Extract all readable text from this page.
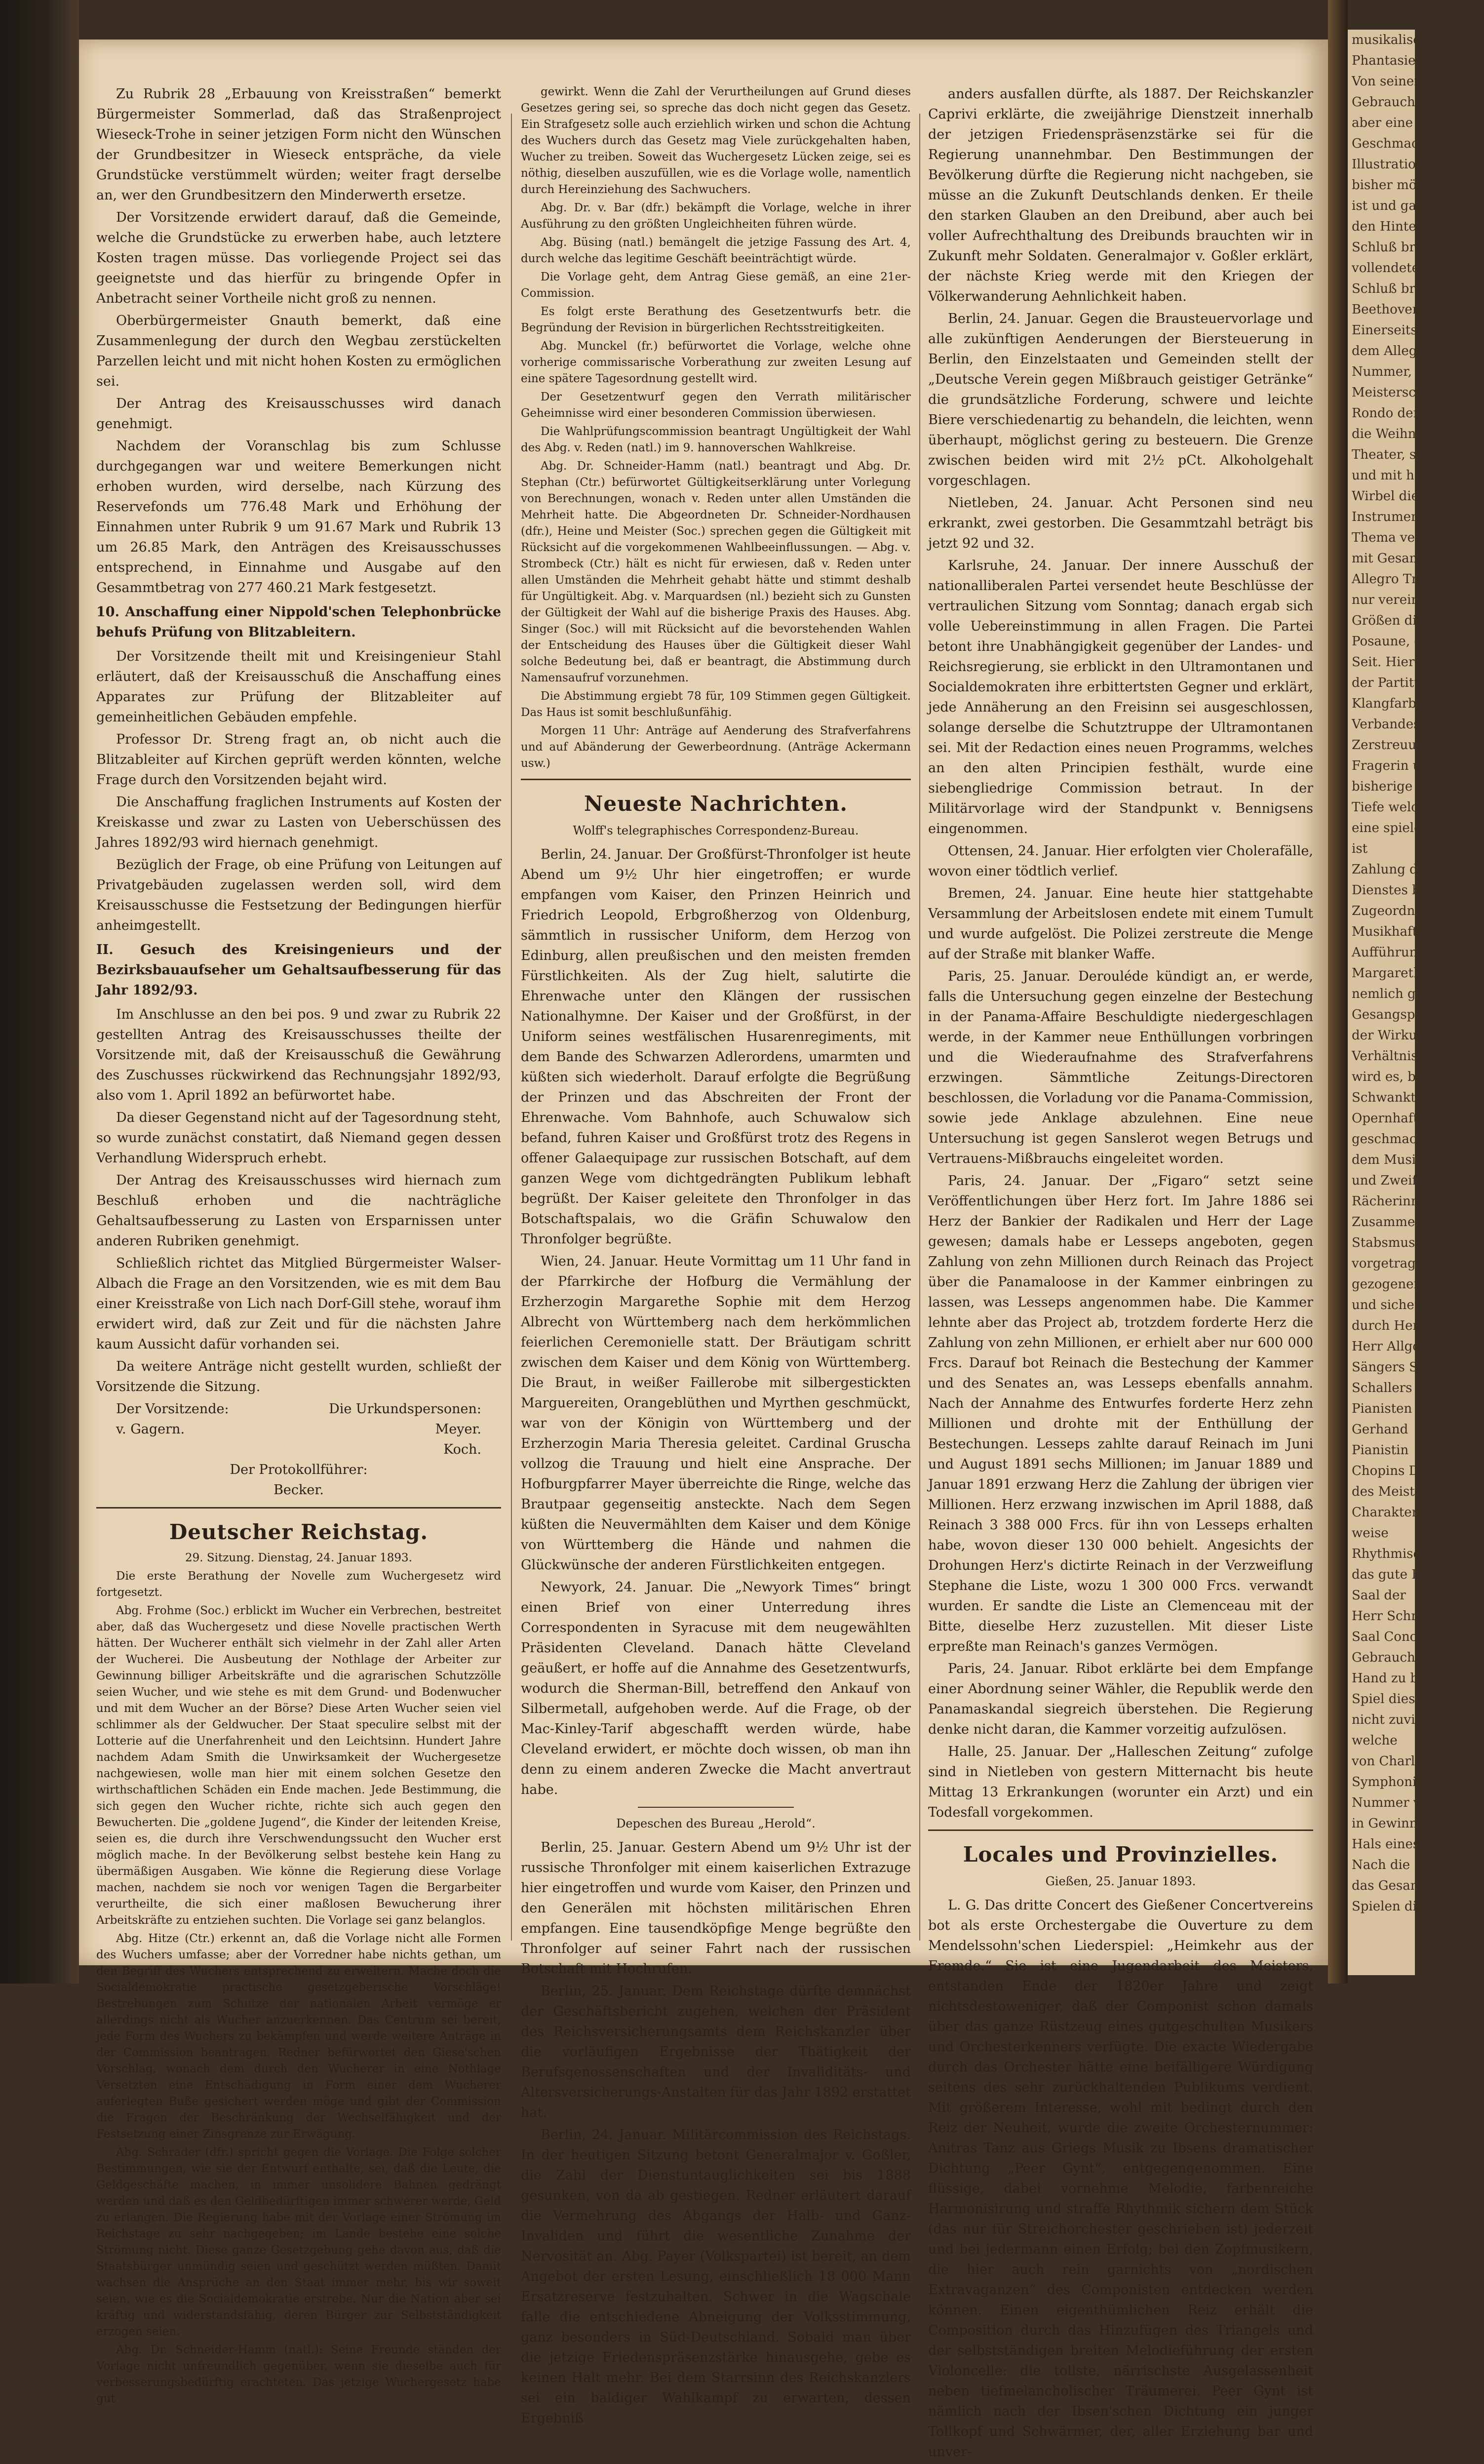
Zu Rubrik 28 „Erbauung von Kreisstraßen“ bemerkt Bürgermeister Sommerlad, daß das Straßenproject Wieseck-Trohe in seiner jetzigen Form nicht den Wünschen der Grundbesitzer in Wieseck entspräche, da viele Grundstücke verstümmelt würden; weiter fragt derselbe an, wer den Grundbesitzern den Minderwerth ersetze.

Der Vorsitzende erwidert darauf, daß die Gemeinde, welche die Grundstücke zu erwerben habe, auch letztere Kosten tragen müsse. Das vorliegende Project sei das geeignetste und das hierfür zu bringende Opfer in Anbetracht seiner Vortheile nicht groß zu nennen.

Oberbürgermeister Gnauth bemerkt, daß eine Zusammenlegung der durch den Wegbau zerstückelten Parzellen leicht und mit nicht hohen Kosten zu ermöglichen sei.

Der Antrag des Kreisausschusses wird danach genehmigt.

Nachdem der Voranschlag bis zum Schlusse durchgegangen war und weitere Bemerkungen nicht erhoben wurden, wird derselbe, nach Kürzung des Reservefonds um 776.48 Mark und Erhöhung der Einnahmen unter Rubrik 9 um 91.67 Mark und Rubrik 13 um 26.85 Mark, den Anträgen des Kreisausschusses entsprechend, in Einnahme und Ausgabe auf den Gesammtbetrag von 277 460.21 Mark festgesetzt.

10. Anschaffung einer Nippold'schen Telephonbrücke behufs Prüfung von Blitzableitern.

Der Vorsitzende theilt mit und Kreisingenieur Stahl erläutert, daß der Kreisausschuß die Anschaffung eines Apparates zur Prüfung der Blitzableiter auf gemeinheitlichen Gebäuden empfehle.

Professor Dr. Streng fragt an, ob nicht auch die Blitzableiter auf Kirchen geprüft werden könnten, welche Frage durch den Vorsitzenden bejaht wird.

Die Anschaffung fraglichen Instruments auf Kosten der Kreiskasse und zwar zu Lasten von Ueberschüssen des Jahres 1892/93 wird hiernach genehmigt.

Bezüglich der Frage, ob eine Prüfung von Leitungen auf Privatgebäuden zugelassen werden soll, wird dem Kreisausschusse die Festsetzung der Bedingungen hierfür anheimgestellt.

II. Gesuch des Kreisingenieurs und der Bezirksbauaufseher um Gehaltsaufbesserung für das Jahr 1892/93.

Im Anschlusse an den bei pos. 9 und zwar zu Rubrik 22 gestellten Antrag des Kreisausschusses theilte der Vorsitzende mit, daß der Kreisausschuß die Gewährung des Zuschusses rückwirkend das Rechnungsjahr 1892/93, also vom 1. April 1892 an befürwortet habe.

Da dieser Gegenstand nicht auf der Tagesordnung steht, so wurde zunächst constatirt, daß Niemand gegen dessen Verhandlung Widerspruch erhebt.

Der Antrag des Kreisausschusses wird hiernach zum Beschluß erhoben und die nachträgliche Gehaltsaufbesserung zu Lasten von Ersparnissen unter anderen Rubriken genehmigt.

Schließlich richtet das Mitglied Bürgermeister Walser-Albach die Frage an den Vorsitzenden, wie es mit dem Bau einer Kreisstraße von Lich nach Dorf-Gill stehe, worauf ihm erwidert wird, daß zur Zeit und für die nächsten Jahre kaum Aussicht dafür vorhanden sei.

Da weitere Anträge nicht gestellt wurden, schließt der Vorsitzende die Sitzung.

Der Vorsitzende:	Die Urkundspersonen:
v. Gagern.	Meyer.
Koch.
Der Protokollführer:
Becker.
Deutscher Reichstag.

29. Sitzung. Dienstag, 24. Januar 1893.

Die erste Berathung der Novelle zum Wuchergesetz wird fortgesetzt.

Abg. Frohme (Soc.) erblickt im Wucher ein Verbrechen, bestreitet aber, daß das Wuchergesetz und diese Novelle practischen Werth hätten. Der Wucherer enthält sich vielmehr in der Zahl aller Arten der Wucherei. Die Ausbeutung der Nothlage der Arbeiter zur Gewinnung billiger Arbeitskräfte und die agrarischen Schutzzölle seien Wucher, und wie stehe es mit dem Grund- und Bodenwucher und mit dem Wucher an der Börse? Diese Arten Wucher seien viel schlimmer als der Geldwucher. Der Staat speculire selbst mit der Lotterie auf die Unerfahrenheit und den Leichtsinn. Hundert Jahre nachdem Adam Smith die Unwirksamkeit der Wuchergesetze nachgewiesen, wolle man hier mit einem solchen Gesetze den wirthschaftlichen Schäden ein Ende machen. Jede Bestimmung, die sich gegen den Wucher richte, richte sich auch gegen den Bewucherten. Die „goldene Jugend“, die Kinder der leitenden Kreise, seien es, die durch ihre Verschwendungssucht den Wucher erst möglich mache. In der Bevölkerung selbst bestehe kein Hang zu übermäßigen Ausgaben. Wie könne die Regierung diese Vorlage machen, nachdem sie noch vor wenigen Tagen die Bergarbeiter verurtheilte, die sich einer maßlosen Bewucherung ihrer Arbeitskräfte zu entziehen suchten. Die Vorlage sei ganz belanglos.

Abg. Hitze (Ctr.) erkennt an, daß die Vorlage nicht alle Formen des Wuchers umfasse; aber der Vorredner habe nichts gethan, um den Begriff des Wuchers entsprechend zu erweitern. Mache doch die Socialdemokratie practische gesetzgeberische Vorschläge! Bestrebungen zum Schutze der nationalen Arbeit vermöge er allerdings nicht als Wucher anzuerkennen. Das Centrum sei bereit, jede Form des Wuchers zu bekämpfen und werde weitere Anträge in der Commission beantragen. Redner befürwortet den Giese'schen Vorschlag, wonach dem durch den Wucherer in eine Nothlage Versetzten eine Entschädigung in Form einer dem Wucherer auferlegten Buße gesichert werden möge und gibt der Commission die Fragen der Beschränkung der Wechselfähigkeit und der Festsetzung einer Zinsgrenze zur Erwägung.

Abg. Schrader (dfr.) spricht gegen die Vorlage. Die Folge solcher Bestimmungen, wie sie der Entwurf enthalte, sei, daß die Leute, die Geldgeschäfte machen, in immer unsolidere Bahnen gedrängt werden und daß es den Geldbedürftigen immer schwerer werde, Geld zu erlangen. Die Regierung habe mit der Vorlage einer Strömung im Reichstage zu sehr nachgegeben; im Lande bestehe eine solche Strömung nicht. Diese ganze Gesetzgebung gehe davon aus, daß die Staatsbürger unmündig seien und geschützt werden müßten. Damit wachsen die Ansprüche an den Staat immer mehr, bis wir soweit seien, wie es die Socialdemokratie erstrebe. Nur die Nation aber sei kräftig und widerstandsfähig, deren Bürger zur Selbstständigkeit erzogen seien.

Abg. Dr. Schneider-Hamm (natl.): Seine Freunde ständen der Vorlage nicht unfreundlich gegenüber, wenn sie dieselbe auch für verbesserungsbedürftig erachteten. Das jetzige Wuchergesetz habe gut

gewirkt. Wenn die Zahl der Verurtheilungen auf Grund dieses Gesetzes gering sei, so spreche das doch nicht gegen das Gesetz. Ein Strafgesetz solle auch erziehlich wirken und schon die Achtung des Wuchers durch das Gesetz mag Viele zurückgehalten haben, Wucher zu treiben. Soweit das Wuchergesetz Lücken zeige, sei es nöthig, dieselben auszufüllen, wie es die Vorlage wolle, namentlich durch Hereinziehung des Sachwuchers.

Abg. Dr. v. Bar (dfr.) bekämpft die Vorlage, welche in ihrer Ausführung zu den größten Ungleichheiten führen würde.

Abg. Büsing (natl.) bemängelt die jetzige Fassung des Art. 4, durch welche das legitime Geschäft beeinträchtigt würde.

Die Vorlage geht, dem Antrag Giese gemäß, an eine 21er-Commission.

Es folgt erste Berathung des Gesetzentwurfs betr. die Begründung der Revision in bürgerlichen Rechtsstreitigkeiten.

Abg. Munckel (fr.) befürwortet die Vorlage, welche ohne vorherige commissarische Vorberathung zur zweiten Lesung auf eine spätere Tagesordnung gestellt wird.

Der Gesetzentwurf gegen den Verrath militärischer Geheimnisse wird einer besonderen Commission überwiesen.

Die Wahlprüfungscommission beantragt Ungültigkeit der Wahl des Abg. v. Reden (natl.) im 9. hannoverschen Wahlkreise.

Abg. Dr. Schneider-Hamm (natl.) beantragt und Abg. Dr. Stephan (Ctr.) befürwortet Gültigkeitserklärung unter Vorlegung von Berechnungen, wonach v. Reden unter allen Umständen die Mehrheit hatte. Die Abgeordneten Dr. Schneider-Nordhausen (dfr.), Heine und Meister (Soc.) sprechen gegen die Gültigkeit mit Rücksicht auf die vorgekommenen Wahlbeeinflussungen. — Abg. v. Strombeck (Ctr.) hält es nicht für erwiesen, daß v. Reden unter allen Umständen die Mehrheit gehabt hätte und stimmt deshalb für Ungültigkeit. Abg. v. Marquardsen (nl.) bezieht sich zu Gunsten der Gültigkeit der Wahl auf die bisherige Praxis des Hauses. Abg. Singer (Soc.) will mit Rücksicht auf die bevorstehenden Wahlen der Entscheidung des Hauses über die Gültigkeit dieser Wahl solche Bedeutung bei, daß er beantragt, die Abstimmung durch Namensaufruf vorzunehmen.

Die Abstimmung ergiebt 78 für, 109 Stimmen gegen Gültigkeit. Das Haus ist somit beschlußunfähig.

Morgen 11 Uhr: Anträge auf Aenderung des Strafverfahrens und auf Abänderung der Gewerbeordnung. (Anträge Ackermann usw.)

Neueste Nachrichten.
Wolff's telegraphisches Correspondenz-Bureau.

Berlin, 24. Januar. Der Großfürst-Thronfolger ist heute Abend um 9½ Uhr hier eingetroffen; er wurde empfangen vom Kaiser, den Prinzen Heinrich und Friedrich Leopold, Erbgroßherzog von Oldenburg, sämmtlich in russischer Uniform, dem Herzog von Edinburg, allen preußischen und den meisten fremden Fürstlichkeiten. Als der Zug hielt, salutirte die Ehrenwache unter den Klängen der russischen Nationalhymne. Der Kaiser und der Großfürst, in der Uniform seines westfälischen Husarenregiments, mit dem Bande des Schwarzen Adlerordens, umarmten und küßten sich wiederholt. Darauf erfolgte die Begrüßung der Prinzen und das Abschreiten der Front der Ehrenwache. Vom Bahnhofe, auch Schuwalow sich befand, fuhren Kaiser und Großfürst trotz des Regens in offener Galaequipage zur russischen Botschaft, auf dem ganzen Wege vom dichtgedrängten Publikum lebhaft begrüßt. Der Kaiser geleitete den Thronfolger in das Botschaftspalais, wo die Gräfin Schuwalow den Thronfolger begrüßte.

Wien, 24. Januar. Heute Vormittag um 11 Uhr fand in der Pfarrkirche der Hofburg die Vermählung der Erzherzogin Margarethe Sophie mit dem Herzog Albrecht von Württemberg nach dem herkömmlichen feierlichen Ceremonielle statt. Der Bräutigam schritt zwischen dem Kaiser und dem König von Württemberg. Die Braut, in weißer Faillerobe mit silbergestickten Marguereiten, Orangeblüthen und Myrthen geschmückt, war von der Königin von Württemberg und der Erzherzogin Maria Theresia geleitet. Cardinal Gruscha vollzog die Trauung und hielt eine Ansprache. Der Hofburgpfarrer Mayer überreichte die Ringe, welche das Brautpaar gegenseitig ansteckte. Nach dem Segen küßten die Neuvermählten dem Kaiser und dem Könige von Württemberg die Hände und nahmen die Glückwünsche der anderen Fürstlichkeiten entgegen.

Newyork, 24. Januar. Die „Newyork Times“ bringt einen Brief von einer Unterredung ihres Correspondenten in Syracuse mit dem neugewählten Präsidenten Cleveland. Danach hätte Cleveland geäußert, er hoffe auf die Annahme des Gesetzentwurfs, wodurch die Sherman-Bill, betreffend den Ankauf von Silbermetall, aufgehoben werde. Auf die Frage, ob der Mac-Kinley-Tarif abgeschafft werden würde, habe Cleveland erwidert, er möchte doch wissen, ob man ihn denn zu einem anderen Zwecke die Macht anvertraut habe.

Depeschen des Bureau „Herold“.

Berlin, 25. Januar. Gestern Abend um 9½ Uhr ist der russische Thronfolger mit einem kaiserlichen Extrazuge hier eingetroffen und wurde vom Kaiser, den Prinzen und den Generälen mit höchsten militärischen Ehren empfangen. Eine tausendköpfige Menge begrüßte den Thronfolger auf seiner Fahrt nach der russischen Botschaft mit Hochrufen.

Berlin, 25. Januar. Dem Reichstage dürfte demnächst der Geschäftsbericht zugehen, welchen der Präsident des Reichsversicherungsamts dem Reichskanzler über die vorläufigen Ergebnisse der Thätigkeit der Berufsgenossenschaften und der Invaliditäts- und Altersversicherungs-Anstalten für das Jahr 1892 erstattet hat.

Berlin, 24. Januar. Militärcommission des Reichstags. In der heutigen Sitzung betont Generalmajor v. Goßler, die Zahl der Dienstuntauglichkeiten sei bis 1888 gesunken, von da ab gestiegen. Redner erläutert darauf die Vermehrung des Abgangs der Halb- und Ganz-Invaliden und führt die wesentliche Zunahme der Nervosität an. Abg. Payer (Volkspartei) ist bereit, an dem Angebot der ersten Lesung, einschließlich 18 000 Mann Ersatzreserve festzuhalten. Schwer in die Wagschale falle die entschiedene Abneigung der Volksstimmung, ganz besonders in Süd-Deutschland. Sobald man über die jetzige Friedenspräsenzstärke hinausgehe, gebe es keinen Halt mehr. Bei dem Starrsinn des Reichskanzlers sei ein baldiger Wahlkampf zu erwarten, dessen Ergebniß

anders ausfallen dürfte, als 1887. Der Reichskanzler Caprivi erklärte, die zweijährige Dienstzeit innerhalb der jetzigen Friedenspräsenzstärke sei für die Regierung unannehmbar. Den Bestimmungen der Bevölkerung dürfte die Regierung nicht nachgeben, sie müsse an die Zukunft Deutschlands denken. Er theile den starken Glauben an den Dreibund, aber auch bei voller Aufrechthaltung des Dreibunds brauchten wir in Zukunft mehr Soldaten. Generalmajor v. Goßler erklärt, der nächste Krieg werde mit den Kriegen der Völkerwanderung Aehnlichkeit haben.

Berlin, 24. Januar. Gegen die Brausteuervorlage und alle zukünftigen Aenderungen der Biersteuerung in Berlin, den Einzelstaaten und Gemeinden stellt der „Deutsche Verein gegen Mißbrauch geistiger Getränke“ die grundsätzliche Forderung, schwere und leichte Biere verschiedenartig zu behandeln, die leichten, wenn überhaupt, möglichst gering zu besteuern. Die Grenze zwischen beiden wird mit 2½ pCt. Alkoholgehalt vorgeschlagen.

Nietleben, 24. Januar. Acht Personen sind neu erkrankt, zwei gestorben. Die Gesammtzahl beträgt bis jetzt 92 und 32.

Karlsruhe, 24. Januar. Der innere Ausschuß der nationalliberalen Partei versendet heute Beschlüsse der vertraulichen Sitzung vom Sonntag; danach ergab sich volle Uebereinstimmung in allen Fragen. Die Partei betont ihre Unabhängigkeit gegenüber der Landes- und Reichsregierung, sie erblickt in den Ultramontanen und Socialdemokraten ihre erbittertsten Gegner und erklärt, jede Annäherung an den Freisinn sei ausgeschlossen, solange derselbe die Schutztruppe der Ultramontanen sei. Mit der Redaction eines neuen Programms, welches an den alten Principien festhält, wurde eine siebengliedrige Commission betraut. In der Militärvorlage wird der Standpunkt v. Bennigsens eingenommen.

Ottensen, 24. Januar. Hier erfolgten vier Cholerafälle, wovon einer tödtlich verlief.

Bremen, 24. Januar. Eine heute hier stattgehabte Versammlung der Arbeitslosen endete mit einem Tumult und wurde aufgelöst. Die Polizei zerstreute die Menge auf der Straße mit blanker Waffe.

Paris, 25. Januar. Derouléde kündigt an, er werde, falls die Untersuchung gegen einzelne der Bestechung in der Panama-Affaire Beschuldigte niedergeschlagen werde, in der Kammer neue Enthüllungen vorbringen und die Wiederaufnahme des Strafverfahrens erzwingen. Sämmtliche Zeitungs-Directoren beschlossen, die Vorladung vor die Panama-Commission, sowie jede Anklage abzulehnen. Eine neue Untersuchung ist gegen Sanslerot wegen Betrugs und Vertrauens-Mißbrauchs eingeleitet worden.

Paris, 24. Januar. Der „Figaro“ setzt seine Veröffentlichungen über Herz fort. Im Jahre 1886 sei Herz der Bankier der Radikalen und Herr der Lage gewesen; damals habe er Lesseps angeboten, gegen Zahlung von zehn Millionen durch Reinach das Project über die Panamaloose in der Kammer einbringen zu lassen, was Lesseps angenommen habe. Die Kammer lehnte aber das Project ab, trotzdem forderte Herz die Zahlung von zehn Millionen, er erhielt aber nur 600 000 Frcs. Darauf bot Reinach die Bestechung der Kammer und des Senates an, was Lesseps ebenfalls annahm. Nach der Annahme des Entwurfes forderte Herz zehn Millionen und drohte mit der Enthüllung der Bestechungen. Lesseps zahlte darauf Reinach im Juni und August 1891 sechs Millionen; im Januar 1889 und Januar 1891 erzwang Herz die Zahlung der übrigen vier Millionen. Herz erzwang inzwischen im April 1888, daß Reinach 3 388 000 Frcs. für ihn von Lesseps erhalten habe, wovon dieser 130 000 behielt. Angesichts der Drohungen Herz's dictirte Reinach in der Verzweiflung Stephane die Liste, wozu 1 300 000 Frcs. verwandt wurden. Er sandte die Liste an Clemenceau mit der Bitte, dieselbe Herz zuzustellen. Mit dieser Liste erpreßte man Reinach's ganzes Vermögen.

Paris, 24. Januar. Ribot erklärte bei dem Empfange einer Abordnung seiner Wähler, die Republik werde den Panamaskandal siegreich überstehen. Die Regierung denke nicht daran, die Kammer vorzeitig aufzulösen.

Halle, 25. Januar. Der „Halleschen Zeitung“ zufolge sind in Nietleben von gestern Mitternacht bis heute Mittag 13 Erkrankungen (worunter ein Arzt) und ein Todesfall vorgekommen.

Locales und Provinzielles.
Gießen, 25. Januar 1893.

L. G. Das dritte Concert des Gießener Concertvereins bot als erste Orchestergabe die Ouverture zu dem Mendelssohn'schen Liederspiel: „Heimkehr aus der Fremde.“ Sie ist eine Jugendarbeit des Meisters, entstanden Ende der 1820er Jahre und zeigt nichtsdestoweniger, daß der Componist schon damals über das ganze Rüstzeug eines gutgeschulten Musikers und Orchesterkenners verfügte. Die exacte Wiedergabe durch das Orchester hätte eine beifälligere Würdigung seitens des sehr zurückhaltenden Publikums verdient. Mit größerem Interesse, wohl mit bedingt durch den Reiz der Neuheit, wurde die zweite Orchesternummer: Anitras Tanz aus Griegs Musik zu Ibsens dramatischer Dichtung „Peer Gynt“, entgegengenommen. Eine flüssige, dabei vornehme Melodie, farbenreiche Harmonisirung und straffe Rhythmik sichern dem Stück (das nur für Streichorchester geschrieben ist) jederzeit und bei jedermann einen Erfolg; bei den Zopfmusikern, die hier auch rein garnichts von „nordischen Extravaganzen“ des Componisten entdecken werden können. Einen eigenthümlichen Reiz erhält die Composition durch das Hinzufügen des Triangels und der selbstständigen breiten Melodieführung der ersten Violoncelle: die tollste, närrischste Ausgelassenheit neben tiefmelancholischer Träumerei. Peer Gynt ist nämlich nach der Ibsen'schen Dichtung ein junger Tollkopf und Schwärmer, der, aller Erziehung bar und unver-

musikalisch, durch
Phantasiereichen
Von seinen weiteren
Gebrauch an Ruch
aber eine zulässig
Geschmack der
Illustration wunde
bisher möglich,
ist und ganz aus
den Hinter
Schluß brachten
vollendeten Winter
Schluß brachten
Beethovens die
Einerseits sahn
dem Allegro
Nummer, die Sa
Meisterschaft in
Rondo der zw
die Weihnachts
Theater, sowie
und mit höchstem
Wirbel die Ei
Instrumentalist
Thema verarbeitet
mit Gesammtheit
Allegro Trio
nur vereinzelten
Größen die Pian
Posaune, des gei
Seit. Hier mag
der Partitur, die
Klangfarbe, die
Verbandes gebo
Zerstreuung des
Fragerin und
bisherige Spann
Tiefe welches
eine spielenden
ist
Zahlung des
Dienstes beider
Zugeordneten
Musikhaften
Aufführung
Margarethe's
nemlich gleich
Gesangspartie
der Wirkung
Verhältnissen
wird es, besond
Schwankte, dies
Opernhaften
geschmackvoll
dem Musikstil
und Zweifelhaft
Rächerinnen
Zusammenwirken
Stabsmusiker
vorgetragenes
gezogenen Ja
und sicher
durch Herrn
Herr Allgoyer
Sängers Sie
Schallers
Pianisten Bri
Gerhand
Pianistin
Chopins D-moll
des Meisters
Charakters
weise
Rhythmisch
das gute Bolk
Saal der
Herr Schrön
Saal Concert
Gebrauch
Hand zu bewa
Spiel dies
nicht zuviel
welche
von Charles
Symphonie
Nummer ver
in Gewinn
Hals eines
Nach die
das Gesamm
Spielen die
